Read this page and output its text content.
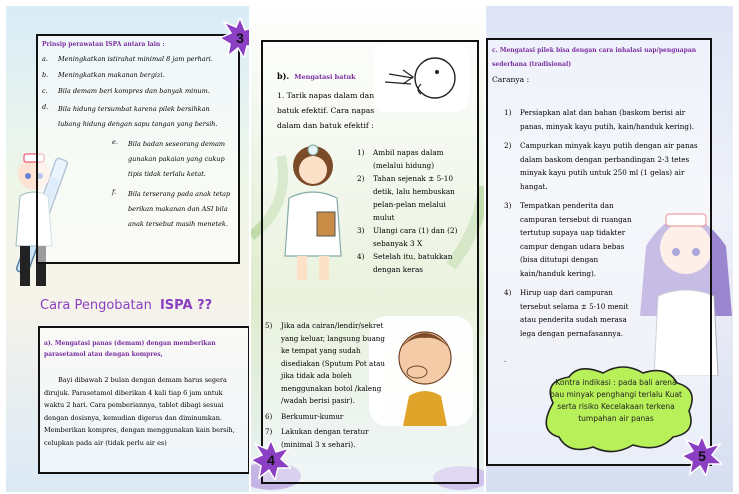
3
Prinsip perawatan ISPA antara lain :
a.	Meningkatkan istirahat minimal 8 jam perhari.
b.	Meningkatkan makanan bergizi.
c.	Bila demam beri kompres dan banyak minum.
d.	Bila hidung tersumbat karena pilek bersihkan lubang hidung dengan sapu tangan yang bersih.
e.	Bila badan seseorang demam gunakan pakaian yang cukup tipis tidak terlalu ketat.
f.	Bila terserang pada anak tetap berikan makanan dan ASI bila anak tersebut masih menetek.
Cara Pengobatan ISPA ??
a). Mengatasi panas (demam) dengan memberikan parasetamol atau dengan kompres,
Bayi dibawah 2 bulan dengan demam harus segera dirujuk. Parasetamol diberikan 4 kali tiap 6 jam untuk waktu 2 hari. Cara pemberiannya, tablet dibagi sesuai dengan dosisnya, kemudian digerus dan diminumkan. Memberikan kompres, dengan menggunakan kain bersih, celupkan pada air (tidak perlu air es)
b). Mengatasi batuk
1. Tarik napas dalam dan batuk efektif. Cara napas dalam dan batuk efektif :
1)	Ambil napas dalam (melalui hidung)
2)	Tahan sejenak ± 5-10 detik, lalu hembuskan pelan-pelan melalui mulut
3)	Ulangi cara (1) dan (2) sebanyak 3 X
4)	Setelah itu, batukkan dengan keras
5)	Jika ada cairan/lendir/sekret yang keluar, langsung buang ke tempat yang sudah disediakan (Sputum Pot atau jika tidak ada boleh menggunakan botol /kaleng /wadah berisi pasir).
6)	Berkumur-kumur
7)	Lakukan dengan teratur (minimal 3 x sehari).
4
c. Mengatasi pilek bisa dengan cara inhalasi uap/penguapan sederhana (tradisional)
Caranya :
1)	Persiapkan alat dan bahan (baskom berisi air panas, minyak kayu putih, kain/handuk kering).
2)	Campurkan minyak kayu putih dengan air panas dalam baskom dengan perbandingan 2-3 tetes minyak kayu putih untuk 250 ml (1 gelas) air hangat.
3)	Tempatkan penderita dan campuran tersebut di ruangan tertutup supaya uap tidakter campur dengan udara bebas (bisa ditutupi dengan kain/handuk kering).
4)	Hirup uap dari campuran tersebut selama ± 5-10 menit atau penderita sudah merasa lega dengan pernafasannya.
.
5
Kontra indikasi : pada bali arena bau minyak penghangi terlalu Kuat serta risiko Kecelakaan terkena tumpahan air panas
